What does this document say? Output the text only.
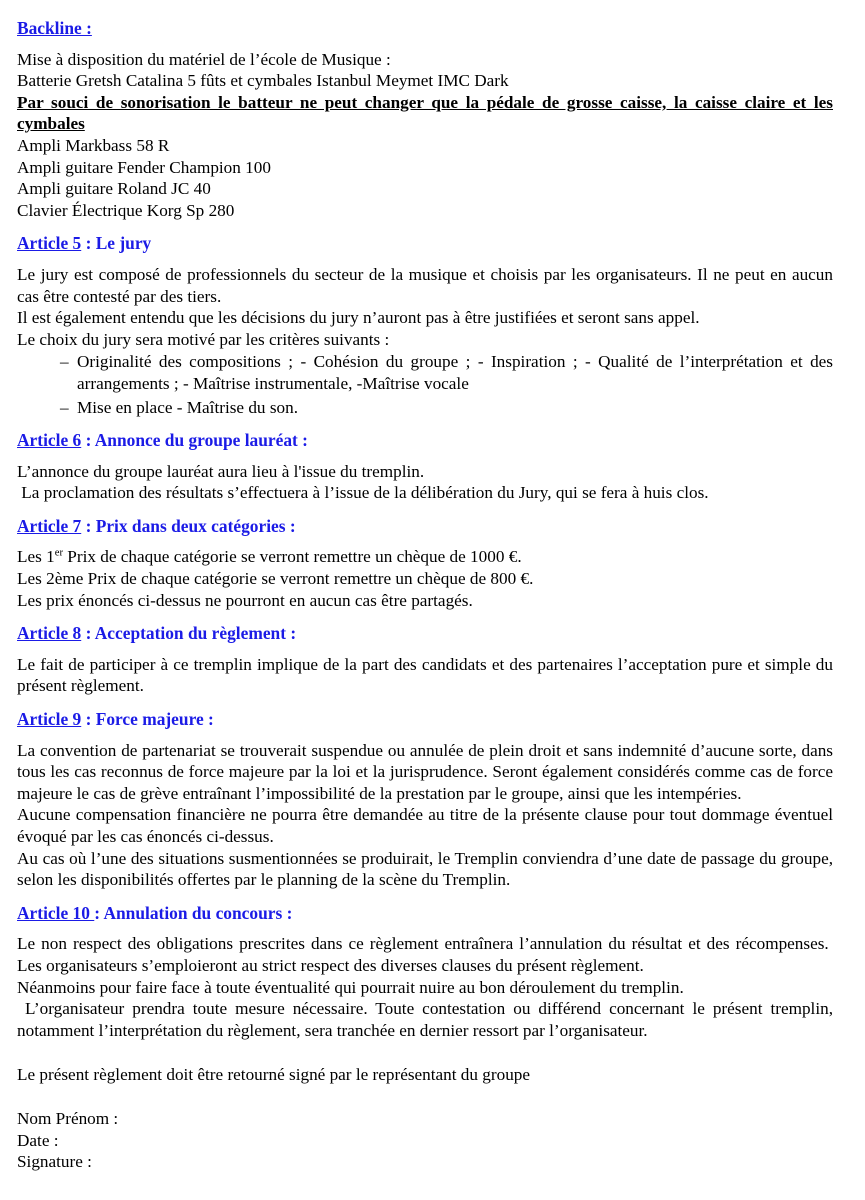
Backline :

Mise à disposition du matériel de l’école de Musique :

Batterie Gretsh Catalina 5 fûts et cymbales Istanbul Meymet IMC Dark

Par souci de sonorisation le batteur ne peut changer que la pédale de grosse caisse, la caisse claire et les cymbales

Ampli Markbass 58 R

Ampli guitare Fender Champion 100

Ampli guitare Roland JC 40

Clavier Électrique Korg Sp 280

Article 5 : Le jury

Le jury est composé de professionnels du secteur de la musique et choisis par les organisateurs. Il ne peut en aucun cas être contesté par des tiers.

Il est également entendu que les décisions du jury n’auront pas à être justifiées et seront sans appel.

Le choix du jury sera motivé par les critères suivants :

– Originalité des compositions ; - Cohésion du groupe ; - Inspiration ; - Qualité de l’interprétation et des arrangements ; - Maîtrise instrumentale, -Maîtrise vocale
– Mise en place - Maîtrise du son.

Article 6 : Annonce du groupe lauréat :

L’annonce du groupe lauréat aura lieu à l'issue du tremplin.

La proclamation des résultats s’effectuera à l’issue de la délibération du Jury, qui se fera à huis clos.

Article 7 : Prix dans deux catégories :

Les 1er Prix de chaque catégorie se verront remettre un chèque de 1000 €.

Les 2ème Prix de chaque catégorie se verront remettre un chèque de 800 €.

Les prix énoncés ci-dessus ne pourront en aucun cas être partagés.

Article 8 : Acceptation du règlement :

Le fait de participer à ce tremplin implique de la part des candidats et des partenaires l’acceptation pure et simple du présent règlement.

Article 9 : Force majeure :

La convention de partenariat se trouverait suspendue ou annulée de plein droit et sans indemnité d’aucune sorte, dans tous les cas reconnus de force majeure par la loi et la jurisprudence. Seront également considérés comme cas de force majeure le cas de grève entraînant l’impossibilité de la prestation par le groupe, ainsi que les intempéries.

Aucune compensation financière ne pourra être demandée au titre de la présente clause pour tout dommage éventuel évoqué par les cas énoncés ci-dessus.

Au cas où l’une des situations susmentionnées se produirait, le Tremplin conviendra d’une date de passage du groupe, selon les disponibilités offertes par le planning de la scène du Tremplin.

Article 10 : Annulation du concours :

Le non respect des obligations prescrites dans ce règlement entraînera l’annulation du résultat et des récompenses.  Les organisateurs s’emploieront au strict respect des diverses clauses du présent règlement.

Néanmoins pour faire face à toute éventualité qui pourrait nuire au bon déroulement du tremplin.

L’organisateur prendra toute mesure nécessaire. Toute contestation ou différend concernant le présent tremplin, notamment l’interprétation du règlement, sera tranchée en dernier ressort par l’organisateur.

Le présent règlement doit être retourné signé par le représentant du groupe

Nom Prénom :

Date :

Signature :
